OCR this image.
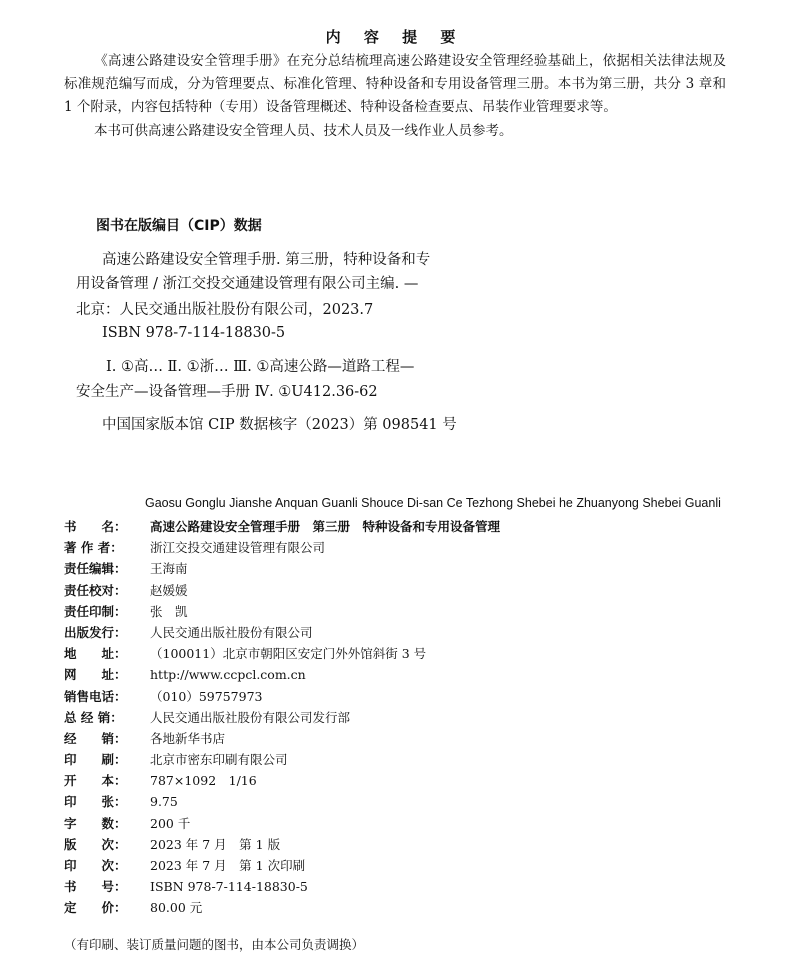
内 容 提 要
《高速公路建设安全管理手册》在充分总结梳理高速公路建设安全管理经验基础上，依据相关法律法规及标准规范编写而成，分为管理要点、标准化管理、特种设备和专用设备管理三册。本书为第三册，共分 3 章和 1 个附录，内容包括特种（专用）设备管理概述、特种设备检查要点、吊装作业管理要求等。
本书可供高速公路建设安全管理人员、技术人员及一线作业人员参考。
图书在版编目（CIP）数据
高速公路建设安全管理手册. 第三册，特种设备和专
用设备管理 / 浙江交投交通建设管理有限公司主编. —
北京：人民交通出版社股份有限公司，2023.7
ISBN 978-7-114-18830-5
Ⅰ. ①高… Ⅱ. ①浙… Ⅲ. ①高速公路—道路工程—
安全生产—设备管理—手册 Ⅳ. ①U412.36-62
中国国家版本馆 CIP 数据核字（2023）第 098541 号
Gaosu Gonglu Jianshe Anquan Guanli Shouce Di-san Ce Tezhong Shebei he Zhuanyong Shebei Guanli
书　　名：	高速公路建设安全管理手册　第三册　特种设备和专用设备管理
著 作 者：	浙江交投交通建设管理有限公司
责任编辑：	王海南
责任校对：	赵媛媛
责任印制：	张　凯
出版发行：	人民交通出版社股份有限公司
地　　址：	（100011）北京市朝阳区安定门外外馆斜街 3 号
网　　址：	http://www.ccpcl.com.cn
销售电话：	（010）59757973
总 经 销：	人民交通出版社股份有限公司发行部
经　　销：	各地新华书店
印　　刷：	北京市密东印刷有限公司
开　　本：	787×1092　1/16
印　　张：	9.75
字　　数：	200 千
版　　次：	2023 年 7 月　第 1 版
印　　次：	2023 年 7 月　第 1 次印刷
书　　号：	ISBN 978-7-114-18830-5
定　　价：	80.00 元
（有印刷、装订质量问题的图书，由本公司负责调换）
